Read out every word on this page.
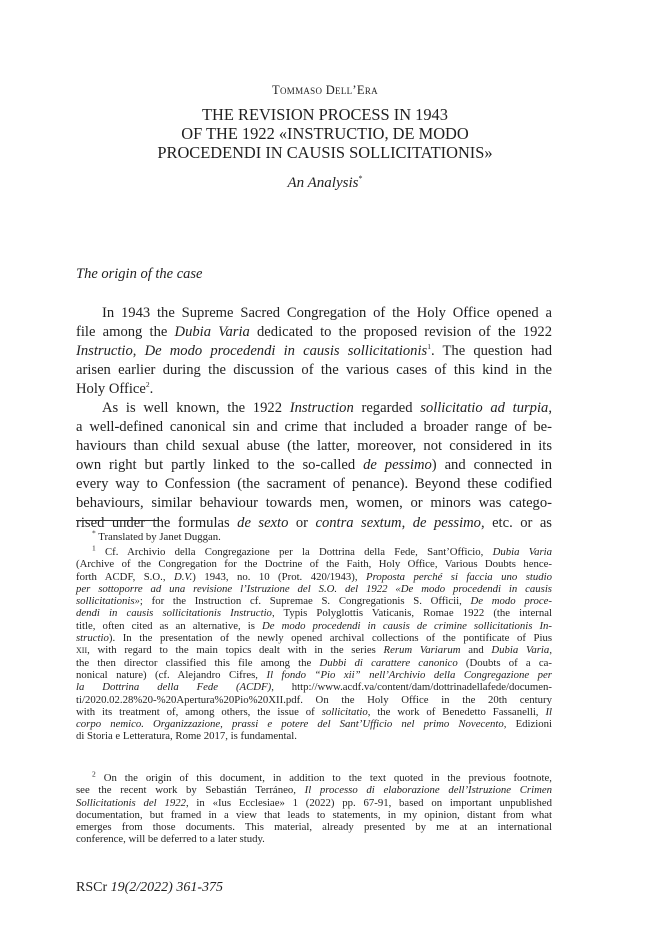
Tommaso Dell’Era
THE REVISION PROCESS IN 1943
OF THE 1922 «INSTRUCTIO, DE MODO
PROCEDENDI IN CAUSIS SOLLICITATIONIS»
An Analysis*
The origin of the case
In 1943 the Supreme Sacred Congregation of the Holy Office opened a
file among the Dubia Varia dedicated to the proposed revision of the 1922
Instructio, De modo procedendi in causis sollicitationis$^1$. The question had
arisen earlier during the discussion of the various cases of this kind in the
Holy Office$^2$.
As is well known, the 1922 Instruction regarded sollicitatio ad turpia,
a well-defined canonical sin and crime that included a broader range of be-
haviours than child sexual abuse (the latter, moreover, not considered in its
own right but partly linked to the so-called de pessimo) and connected in
every way to Confession (the sacrament of penance). Beyond these codified
behaviours, similar behaviour towards men, women, or minors was catego-
rised under the formulas de sexto or contra sextum, de pessimo, etc. or as
* Translated by Janet Duggan.
$^1$ Cf. Archivio della Congregazione per la Dottrina della Fede, Sant’Officio, Dubia Varia
(Archive of the Congregation for the Doctrine of the Faith, Holy Office, Various Doubts hence-
forth ACDF, S.O., D.V.) 1943, no. 10 (Prot. 420/1943), Proposta perché si faccia uno studio
per sottoporre ad una revisione l’Istruzione del S.O. del 1922 «De modo procedendi in causis
sollicitationis»; for the Instruction cf. Supremae S. Congregationis S. Officii, De modo proce-
dendi in causis sollicitationis Instructio, Typis Polyglottis Vaticanis, Romae 1922 (the internal
title, often cited as an alternative, is De modo procedendi in causis de crimine sollicitationis In-
structio). In the presentation of the newly opened archival collections of the pontificate of Pius
xii, with regard to the main topics dealt with in the series Rerum Variarum and Dubia Varia,
the then director classified this file among the Dubbi di carattere canonico (Doubts of a ca-
nonical nature) (cf. Alejandro Cifres, Il fondo “Pio xii” nell’Archivio della Congregazione per
la Dottrina della Fede (ACDF), http://www.acdf.va/content/dam/dottrinadellafede/documen-
ti/2020.02.28%20-%20Apertura%20Pio%20XII.pdf. On the Holy Office in the 20th century
with its treatment of, among others, the issue of sollicitatio, the work of Benedetto Fassanelli, Il
corpo nemico. Organizzazione, prassi e potere del Sant’Ufficio nel primo Novecento, Edizioni
di Storia e Letteratura, Rome 2017, is fundamental.
$^2$ On the origin of this document, in addition to the text quoted in the previous footnote,
see the recent work by Sebastián Terráneo, Il processo di elaborazione dell’Istruzione Crimen
Sollicitationis del 1922, in «Ius Ecclesiae» 1 (2022) pp. 67-91, based on important unpublished
documentation, but framed in a view that leads to statements, in my opinion, distant from what
emerges from those documents. This material, already presented by me at an international
conference, will be deferred to a later study.
RSCr 19(2/2022) 361-375
